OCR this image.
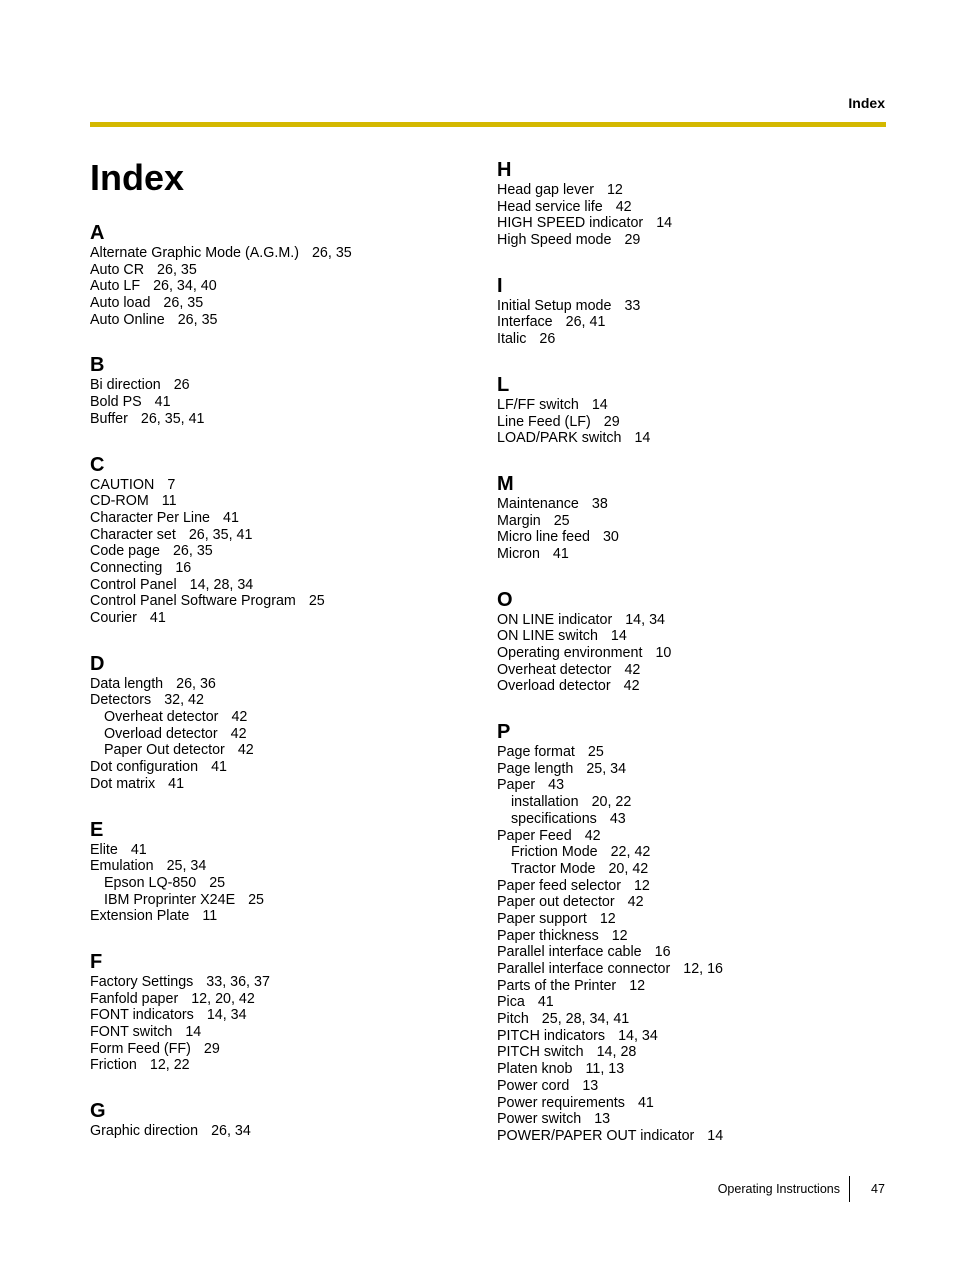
Index
Index
A
Alternate Graphic Mode (A.G.M.) 26, 35
Auto CR 26, 35
Auto LF 26, 34, 40
Auto load 26, 35
Auto Online 26, 35
B
Bi direction 26
Bold PS 41
Buffer 26, 35, 41
C
CAUTION 7
CD-ROM 11
Character Per Line 41
Character set 26, 35, 41
Code page 26, 35
Connecting 16
Control Panel 14, 28, 34
Control Panel Software Program 25
Courier 41
D
Data length 26, 36
Detectors 32, 42
Overheat detector 42
Overload detector 42
Paper Out detector 42
Dot configuration 41
Dot matrix 41
E
Elite 41
Emulation 25, 34
Epson LQ-850 25
IBM Proprinter X24E 25
Extension Plate 11
F
Factory Settings 33, 36, 37
Fanfold paper 12, 20, 42
FONT indicators 14, 34
FONT switch 14
Form Feed (FF) 29
Friction 12, 22
G
Graphic direction 26, 34
H
Head gap lever 12
Head service life 42
HIGH SPEED indicator 14
High Speed mode 29
I
Initial Setup mode 33
Interface 26, 41
Italic 26
L
LF/FF switch 14
Line Feed (LF) 29
LOAD/PARK switch 14
M
Maintenance 38
Margin 25
Micro line feed 30
Micron 41
O
ON LINE indicator 14, 34
ON LINE switch 14
Operating environment 10
Overheat detector 42
Overload detector 42
P
Page format 25
Page length 25, 34
Paper 43
installation 20, 22
specifications 43
Paper Feed 42
Friction Mode 22, 42
Tractor Mode 20, 42
Paper feed selector 12
Paper out detector 42
Paper support 12
Paper thickness 12
Parallel interface cable 16
Parallel interface connector 12, 16
Parts of the Printer 12
Pica 41
Pitch 25, 28, 34, 41
PITCH indicators 14, 34
PITCH switch 14, 28
Platen knob 11, 13
Power cord 13
Power requirements 41
Power switch 13
POWER/PAPER OUT indicator 14
Operating Instructions 47
